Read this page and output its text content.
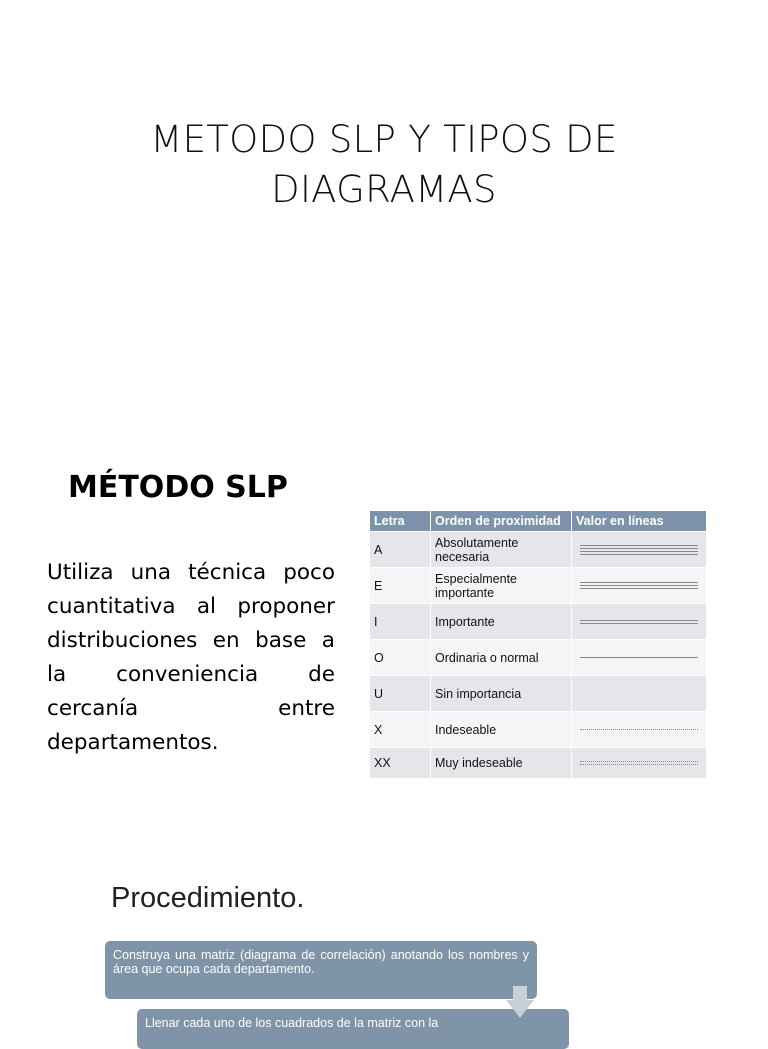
METODO SLP Y TIPOS DE
DIAGRAMAS
MÉTODO SLP
Utiliza una técnica poco cuantitativa al proponer distribuciones en base a la conveniencia de cercanía entre departamentos.
Letra	Orden de proximidad	Valor en líneas
A	Absolutamente necesaria	

E	Especialmente importante	

I	Importante	

O	Ordinaria o normal	

U	Sin importancia	

X	Indeseable	

XX	Muy indeseable	
Procedimiento.
Construya una matriz (diagrama de correlación) anotando los nombres y área que ocupa cada departamento.
Llenar cada uno de los cuadrados de la matriz con la
